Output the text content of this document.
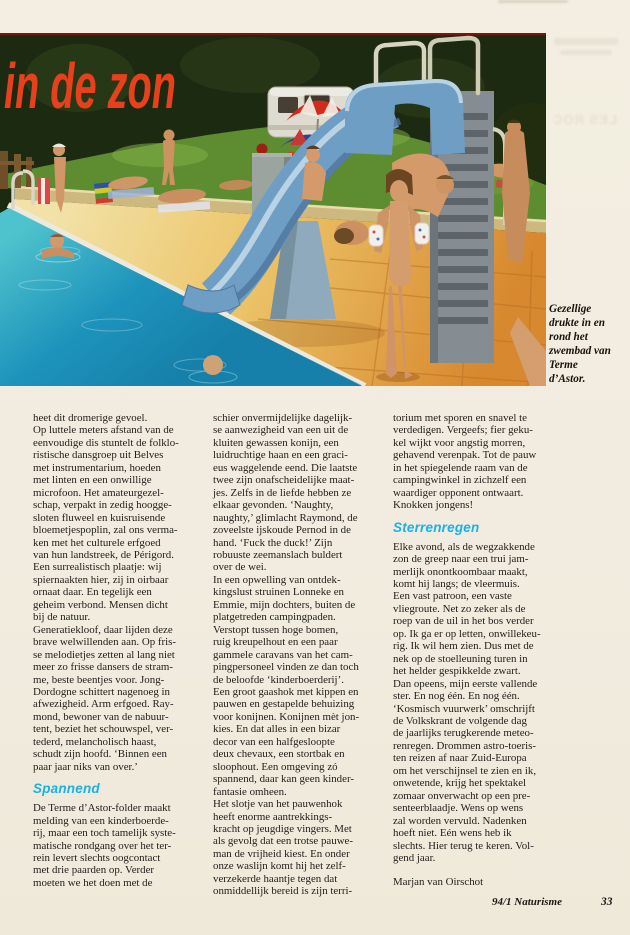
LES ROC
in de zon
Gezellige
drukte in en
rond het
zwembad van
Terme
d’Astor.
heet dit dromerige gevoel.
Op luttele meters afstand van de
eenvoudige dis stuntelt de folklo-
ristische dansgroep uit Belves
met instrumentarium, hoeden
met linten en een onwillige
microfoon. Het amateurgezel-
schap, verpakt in zedig hoogge-
sloten fluweel en kuisruisende
bloemetjespoplin, zal ons verma-
ken met het culturele erfgoed
van hun landstreek, de Périgord.
Een surrealistisch plaatje: wij
spiernaakten hier, zij in oirbaar
ornaat daar. En tegelijk een
geheim verbond. Mensen dicht
bij de natuur.
Generatiekloof, daar lijden deze
brave welwillenden aan. Op fris-
se melodietjes zetten al lang niet
meer zo frisse dansers de stram-
me, beste beentjes voor. Jong-
Dordogne schittert nagenoeg in
afwezigheid. Arm erfgoed. Ray-
mond, bewoner van de nabuur-
tent, beziet het schouwspel, ver-
tederd, melancholisch haast,
schudt zijn hoofd. ‘Binnen een
paar jaar niks van over.’
Spannend
De Terme d’Astor-folder maakt
melding van een kinderboerde-
rij, maar een toch tamelijk syste-
matische rondgang over het ter-
rein levert slechts oogcontact
met drie paarden op. Verder
moeten we het doen met de
schier onvermijdelijke dagelijk-
se aanwezigheid van een uit de
kluiten gewassen konijn, een
luidruchtige haan en een graci-
eus waggelende eend. Die laatste
twee zijn onafscheidelijke maat-
jes. Zelfs in de liefde hebben ze
elkaar gevonden. ‘Naughty,
naughty,’ glimlacht Raymond, de
zoveelste ijskoude Pernod in de
hand. ‘Fuck the duck!’ Zijn
robuuste zeemanslach buldert
over de wei.
In een opwelling van ontdek-
kingslust struinen Lonneke en
Emmie, mijn dochters, buiten de
platgetreden campingpaden.
Verstopt tussen hoge bomen,
ruig kreupelhout en een paar
gammele caravans van het cam-
pingpersoneel vinden ze dan toch
de beloofde ‘kinderboerderij’.
Een groot gaashok met kippen en
pauwen en gestapelde behuizing
voor konijnen. Konijnen mèt jon-
kies. En dat alles in een bizar
decor van een halfgesloopte
deux chevaux, een stortbak en
sloophout. Een omgeving zó
spannend, daar kan geen kinder-
fantasie omheen.
Het slotje van het pauwenhok
heeft enorme aantrekkings-
kracht op jeugdige vingers. Met
als gevolg dat een trotse pauwe-
man de vrijheid kiest. En onder
onze waslijn komt hij het zelf-
verzekerde haantje tegen dat
onmiddellijk bereid is zijn terri-
torium met sporen en snavel te
verdedigen. Vergeefs; fier geku-
kel wijkt voor angstig morren,
gehavend verenpak. Tot de pauw
in het spiegelende raam van de
campingwinkel in zichzelf een
waardiger opponent ontwaart.
Knokken jongens!
Sterrenregen
Elke avond, als de wegzakkende
zon de greep naar een trui jam-
merlijk onontkoombaar maakt,
komt hij langs; de vleermuis.
Een vast patroon, een vaste
vliegroute. Net zo zeker als de
roep van de uil in het bos verder
op. Ik ga er op letten, onwillekeu-
rig. Ik wil hem zien. Dus met de
nek op de stoelleuning turen in
het helder gespikkelde zwart.
Dan opeens, mijn eerste vallende
ster. En nog één. En nog één.
‘Kosmisch vuurwerk’ omschrijft
de Volkskrant de volgende dag
de jaarlijks terugkerende meteo-
renregen. Drommen astro-toeris-
ten reizen af naar Zuid-Europa
om het verschijnsel te zien en ik,
onwetende, krijg het spektakel
zomaar onverwacht op een pre-
senteerblaadje. Wens op wens
zal worden vervuld. Nadenken
hoeft niet. Eén wens heb ik
slechts. Hier terug te keren. Vol-
gend jaar.
Marjan van Oirschot
94/1 Naturisme	33
